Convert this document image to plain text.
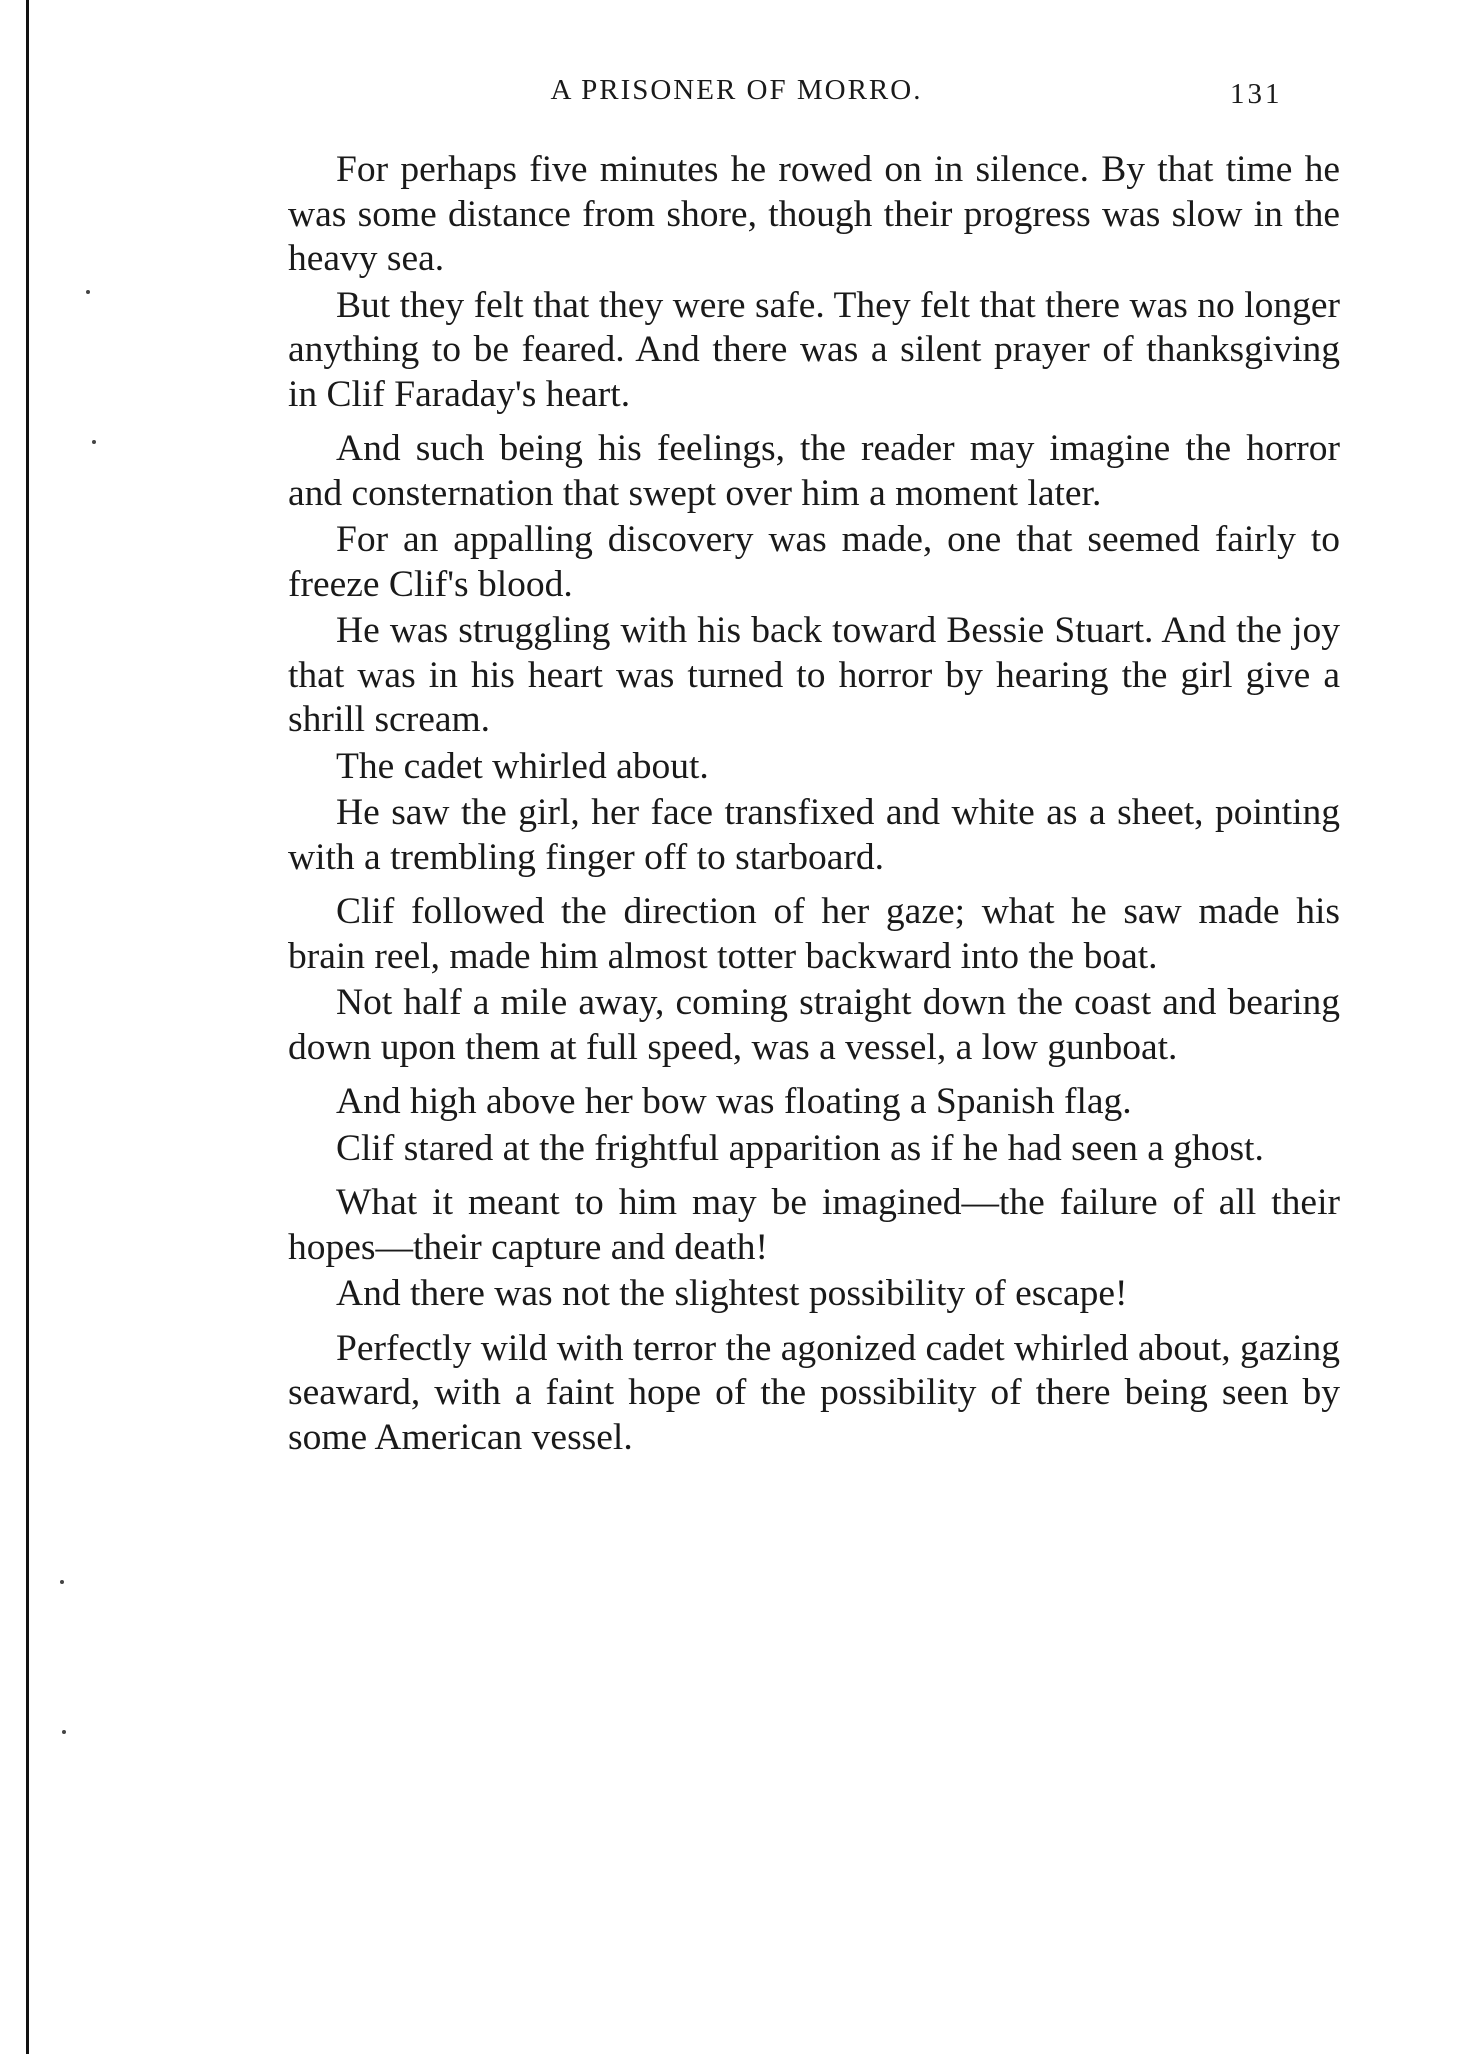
A PRISONER OF MORRO.	131

For perhaps five minutes he rowed on in silence. By that time he was some distance from shore, though their progress was slow in the heavy sea.

But they felt that they were safe. They felt that there was no longer anything to be feared. And there was a silent prayer of thanksgiving in Clif Faraday's heart.

And such being his feelings, the reader may imagine the horror and consternation that swept over him a moment later.

For an appalling discovery was made, one that seemed fairly to freeze Clif's blood.

He was struggling with his back toward Bessie Stuart. And the joy that was in his heart was turned to horror by hearing the girl give a shrill scream.

The cadet whirled about.

He saw the girl, her face transfixed and white as a sheet, pointing with a trembling finger off to starboard.

Clif followed the direction of her gaze; what he saw made his brain reel, made him almost totter backward into the boat.

Not half a mile away, coming straight down the coast and bearing down upon them at full speed, was a vessel, a low gunboat.

And high above her bow was floating a Spanish flag.

Clif stared at the frightful apparition as if he had seen a ghost.

What it meant to him may be imagined—the failure of all their hopes—their capture and death!

And there was not the slightest possibility of escape!

Perfectly wild with terror the agonized cadet whirled about, gazing seaward, with a faint hope of the possibility of there being seen by some American vessel.
